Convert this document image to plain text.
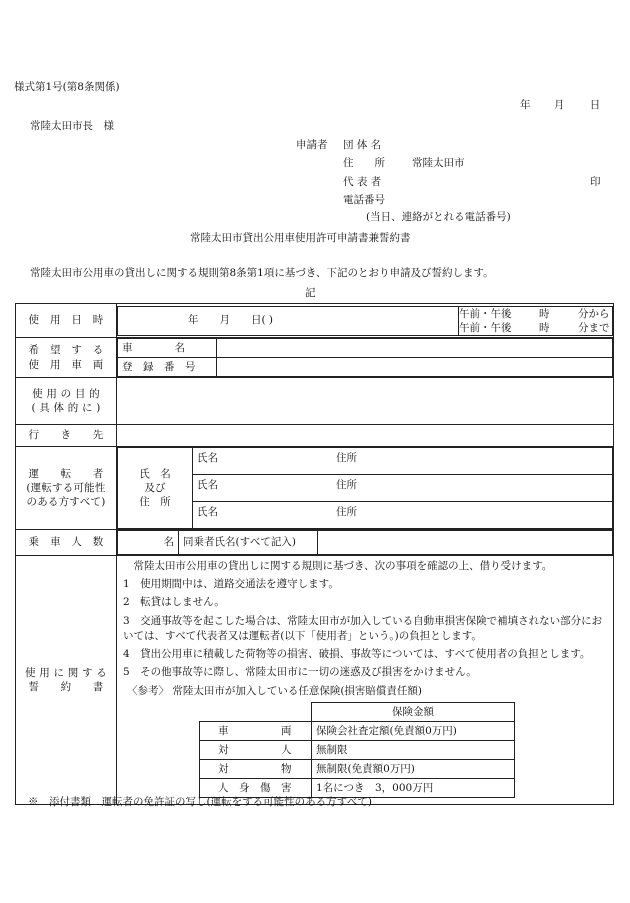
様式第1号(第8条関係)
年 月 日
常陸太田市長　様
申請者 団 体 名
住　　所	常陸太田市
代 表 者	印
電話番号
(当日、連絡がとれる電話番号)
常陸太田市貸出公用車使用許可申請書兼誓約書
常陸太田市公用車の貸出しに関する規則第8条第1項に基づき、下記のとおり申請及び誓約します。
記
使　用　日　時		年　　月　　日( )	
午前・午後	時	分から
午前・午後	時	分まで

希　望　す　る
使　用　車　両

車　　　　名	
登　録　番　号	

使 用 の 目 的
( 具 体 的 に )

行　　き　　先	

運　　転　　者
(運転する可能性
のある方すべて)

氏　名
及び
住　所
	氏名	住所
氏名	住所
氏名	住所

乗　車　人　数		名	同乗者氏名(すべて記入)	

使 用 に 関 す る
誓　　約　　書

常陸太田市公用車の貸出しに関する規則に基づき、次の事項を確認の上、借り受けます。

1　使用期間中は、道路交通法を遵守します。

2　転貸はしません。

3　交通事故等を起こした場合は、常陸太田市が加入している自動車損害保険で補填されない部分においては、すべて代表者又は運転者(以下「使用者」という。)の負担とします。

4　貸出公用車に積載した荷物等の損害、破損、事故等については、すべて使用者の負担とします。

5　その他事故等に際し、常陸太田市に一切の迷惑及び損害をかけません。

〈参考〉 常陸太田市が加入している任意保険(損害賠償責任額)

	保険金額
車　　　　　両	保険会社査定額(免責額0万円)
対　　　　　人	無制限
対　　　　　物	無制限(免責額0万円)
人　身　傷　害	1名につき　3，000万円
※　添付書類　運転者の免許証の写し(運転をする可能性のある方すべて)
